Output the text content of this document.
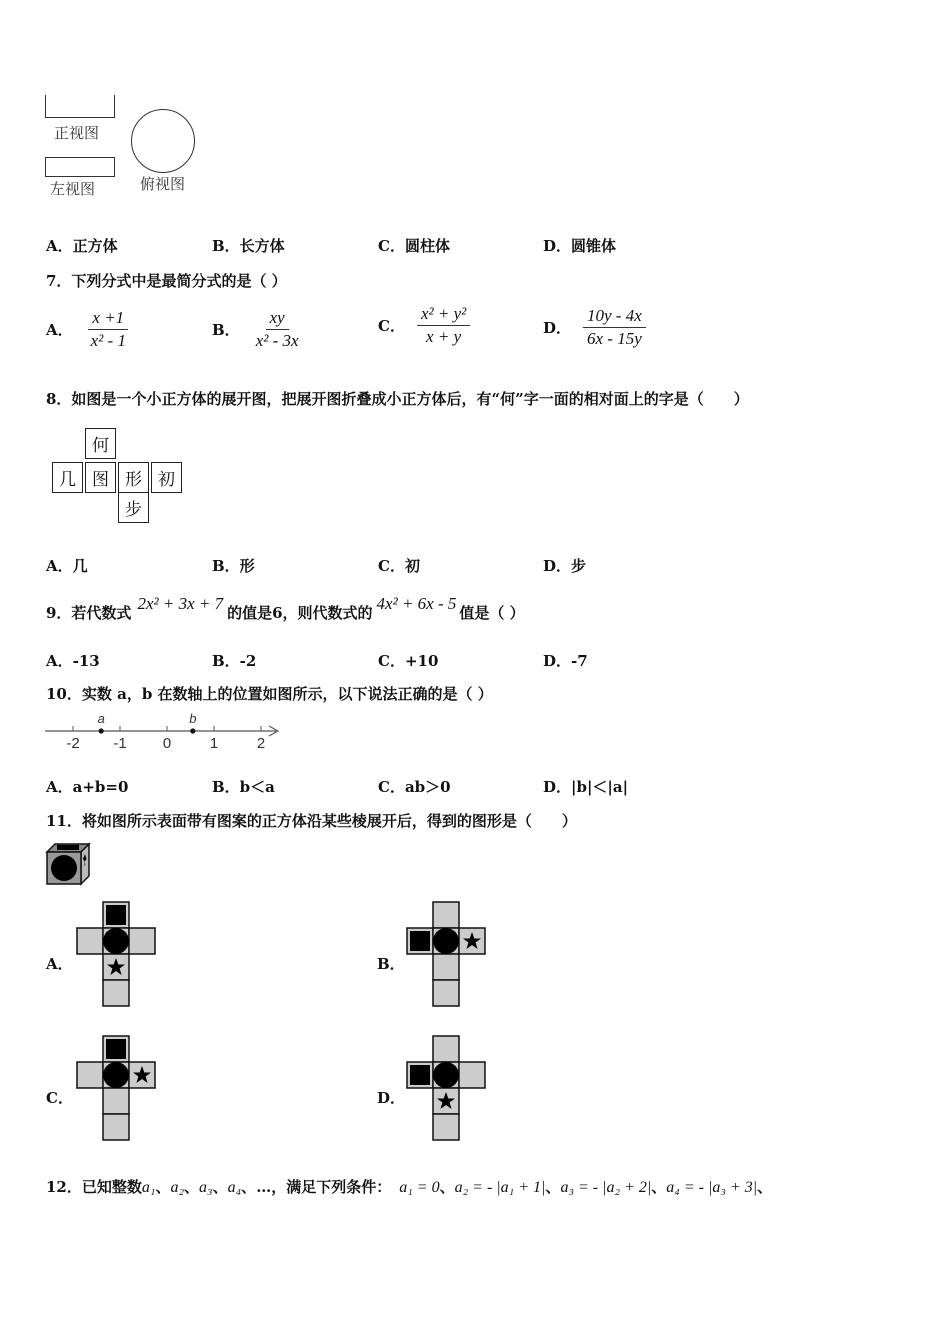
正视图
左视图	俯视图
A．正方体	B．长方体	C．圆柱体	D．圆锥体
7．下列分式中是最简分式的是（ ）
A． $\frac{x +1}{\text{x² - 1}}$	B． $\frac{xy}{\text{x² - 3x}}$	C． $\frac{\text{x² + y²}}{x + y}$	D． $\frac{10y - 4x}{6x - 15y}$
8．如图是一个小正方体的展开图，把展开图折叠成小正方体后，有“何”字一面的相对面上的字是（　　）
何
几 图 形 初
步
A．几	B．形	C．初	D．步
9．若代数式 2x² + 3x + 7 的值是6，则代数式的 4x² + 6x - 5 值是（ ）
A．-13	B．-2	C．+10	D．-7
10．实数 a，b 在数轴上的位置如图所示，以下说法正确的是（ ）
-2 -1 0	1	2
a	b
A．a+b=0	B．b＜a	C．ab＞0	D．|b|＜|a|
11．将如图所示表面带有图案的正方体沿某些棱展开后，得到的图形是（　　）
A．	B．
C．	D．
12．已知整数a₁、a₂、a₃、a₄、…，满足下列条件： a₁ = 0、a₂ = - |a₁ + 1|、a₃ = - |a₂ + 2|、a₄ = - |a₃ + 3|、
